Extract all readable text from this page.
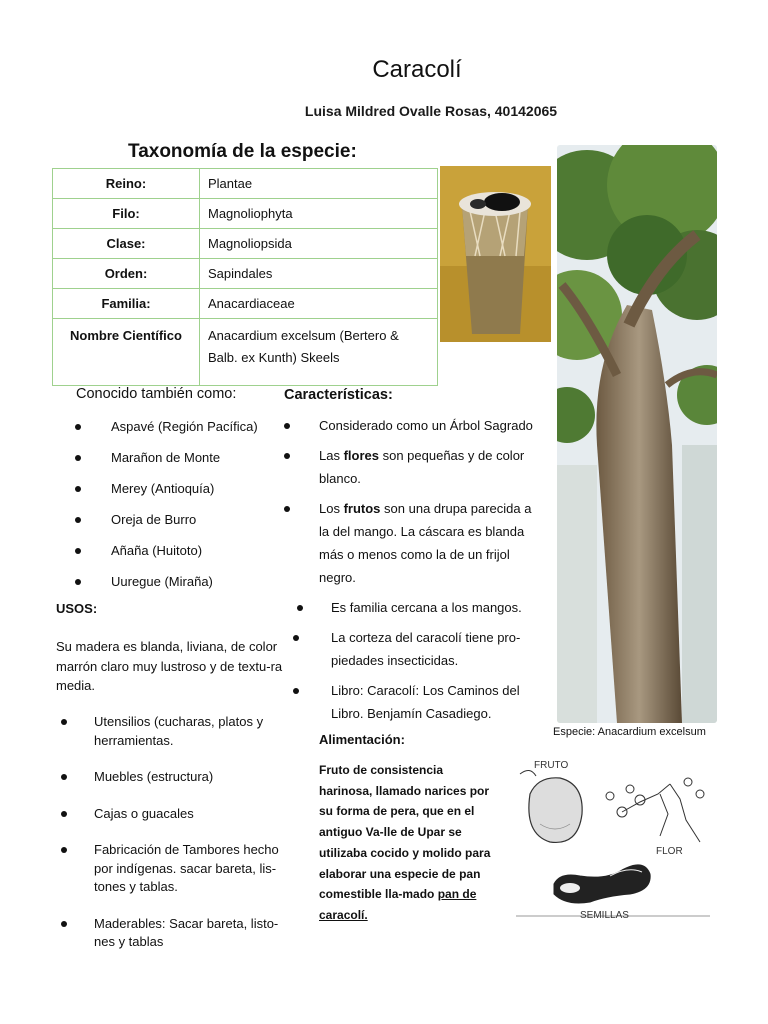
Caracolí
Luisa Mildred Ovalle Rosas, 40142065
Taxonomía de la especie:
Reino:	Plantae
Filo:	Magnoliophyta
Clase:	Magnoliopsida
Orden:	Sapindales
Familia:	Anacardiaceae
Nombre Científico	Anacardium excelsum (Bertero & Balb. ex Kunth) Skeels
Especie: Anacardium excelsum
Conocido también como:
Aspavé (Región Pacífica)
Marañon de Monte
Merey (Antioquía)
Oreja de Burro
Añaña (Huitoto)
Uuregue (Miraña)
USOS:
Su madera es blanda, liviana, de color marrón claro muy lustroso y de textu-ra media.
Utensilios (cucharas, platos y herramientas.
Muebles (estructura)
Cajas o guacales
Fabricación de Tambores hecho por indígenas. sacar bareta, lis-tones y tablas.
Maderables: Sacar bareta, listo-nes y tablas
Características:
Considerado como un Árbol Sagrado
Las flores son pequeñas y de color blanco.
Los frutos son una drupa parecida a la del mango. La cáscara es blanda más o menos como la de un frijol negro.
Es familia cercana a los mangos.
La corteza del caracolí tiene pro-piedades insecticidas.
Libro: Caracolí: Los Caminos del Libro. Benjamín Casadiego.
Alimentación:
Fruto de consistencia harinosa, llamado narices por su forma de pera, que en el antiguo Va-lle de Upar se utilizaba cocido y molido para elaborar una especie de pan comestible lla-mado pan de caracolí.
FRUTO
FLOR
SEMILLAS
